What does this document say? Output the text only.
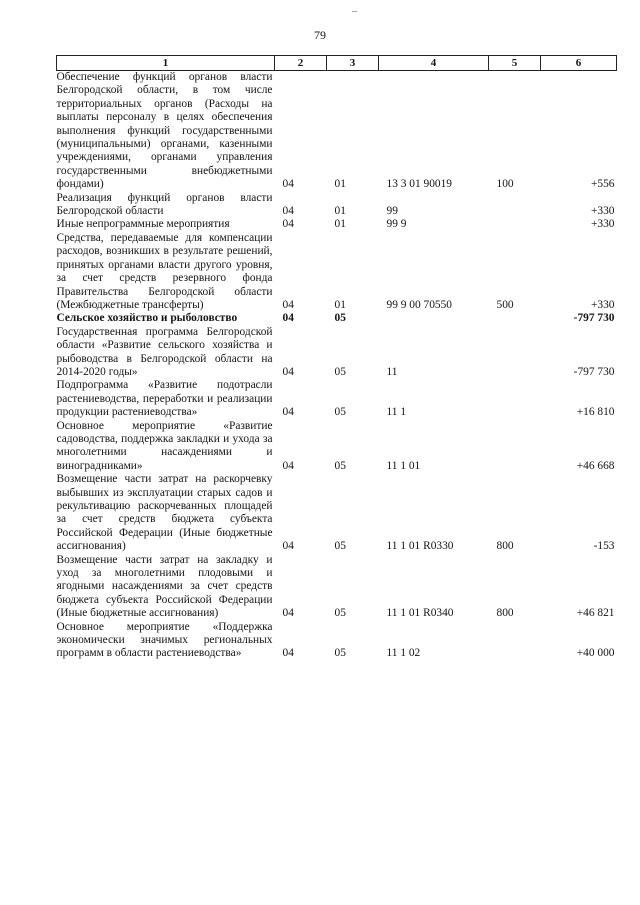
79
–
1	2	3	4	5	6
Обеспечение функций органов власти Белгородской области, в том числе территориальных органов (Расходы на выплаты персоналу в целях обеспечения выполнения функций государственными (муниципальными) органами, казенными учреждениями, органами управления государственными внебюджетными фондами)	04	01	13 3 01 90019	100	+556
Реализация функций органов власти Белгородской области	04	01	99		+330
Иные непрограммные мероприятия	04	01	99 9		+330
Средства, передаваемые для компенсации расходов, возникших в результате решений, принятых органами власти другого уровня, за счет средств резервного фонда Правительства Белгородской области (Межбюджетные трансферты)	04	01	99 9 00 70550	500	+330
Сельское хозяйство и рыболовство	04	05			-797 730
Государственная программа Белгородской области «Развитие сельского хозяйства и рыбоводства в Белгородской области на 2014-2020 годы»	04	05	11		-797 730
Подпрограмма «Развитие подотрасли растениеводства, переработки и реализации продукции растениеводства»	04	05	11 1		+16 810
Основное мероприятие «Развитие садоводства, поддержка закладки и ухода за многолетними насаждениями и виноградниками»	04	05	11 1 01		+46 668
Возмещение части затрат на раскорчевку выбывших из эксплуатации старых садов и рекультивацию раскорчеванных площадей за счет средств бюджета субъекта Российской Федерации (Иные бюджетные ассигнования)	04	05	11 1 01 R0330	800	-153
Возмещение части затрат на закладку и уход за многолетними плодовыми и ягодными насаждениями за счет средств бюджета субъекта Российской Федерации (Иные бюджетные ассигнования)	04	05	11 1 01 R0340	800	+46 821
Основное мероприятие «Поддержка экономически значимых региональных программ в области растениеводства»	04	05	11 1 02		+40 000
